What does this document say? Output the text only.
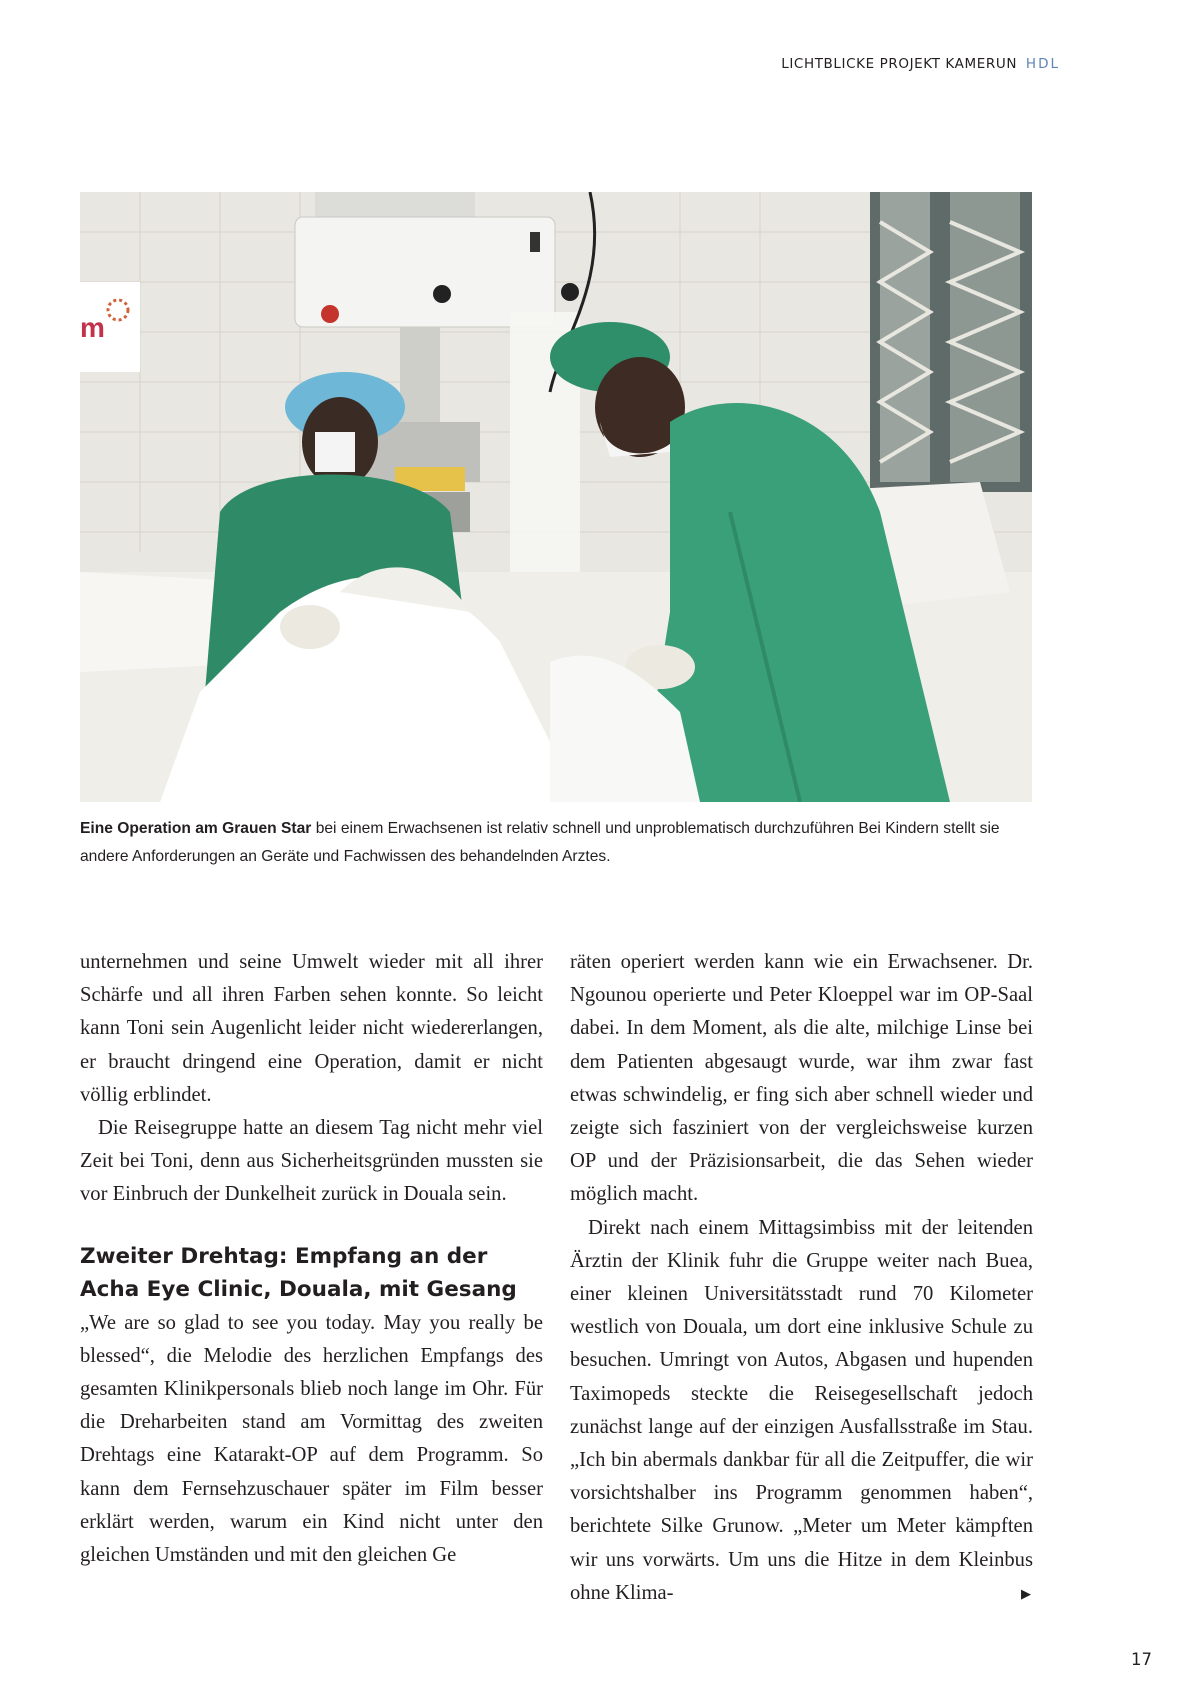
LICHTBLICKE PROJEKT KAMERUN HDL
m
Eine Operation am Grauen Star bei einem Erwachsenen ist relativ schnell und unproblematisch durchzuführen Bei Kindern stellt sie andere Anforderungen an Geräte und Fachwissen des behandelnden Arztes.

unternehmen und seine Umwelt wieder mit all ihrer Schärfe und all ihren Farben sehen konnte. So leicht kann Toni sein Augenlicht leider nicht wiedererlangen, er braucht dringend eine Operation, damit er nicht völlig erblindet.

Die Reisegruppe hatte an diesem Tag nicht mehr viel Zeit bei Toni, denn aus Sicherheitsgründen mussten sie vor Einbruch der Dunkelheit zurück in Douala sein.

Zweiter Drehtag: Empfang an der
Acha Eye Clinic, Douala, mit Gesang

„We are so glad to see you today. May you really be blessed“, die Melodie des herzlichen Empfangs des gesamten Klinikpersonals blieb noch lange im Ohr. Für die Dreharbeiten stand am Vormittag des zweiten Drehtags eine Katarakt-OP auf dem Programm. So kann dem Fernsehzuschauer später im Film besser erklärt werden, warum ein Kind nicht unter den gleichen Umständen und mit den gleichen Ge

räten operiert werden kann wie ein Erwachsener. Dr. Ngounou operierte und Peter Kloeppel war im OP-Saal dabei. In dem Moment, als die alte, milchige Linse bei dem Patienten abgesaugt wurde, war ihm zwar fast etwas schwindelig, er fing sich aber schnell wieder und zeigte sich fasziniert von der vergleichsweise kurzen OP und der Präzisionsarbeit, die das Sehen wieder möglich macht.

Direkt nach einem Mittagsimbiss mit der leitenden Ärztin der Klinik fuhr die Gruppe weiter nach Buea, einer kleinen Universitätsstadt rund 70 Kilometer westlich von Douala, um dort eine inklusive Schule zu besuchen. Umringt von Autos, Abgasen und hupenden Taximopeds steckte die Reisegesellschaft jedoch zunächst lange auf der einzigen Ausfallsstraße im Stau. „Ich bin abermals dankbar für all die Zeitpuffer, die wir vorsichtshalber ins Programm genommen haben“, berichtete Silke Grunow. „Meter um Meter kämpften wir uns vorwärts. Um uns die Hitze in dem Kleinbus ohne Klima-	▶
17
